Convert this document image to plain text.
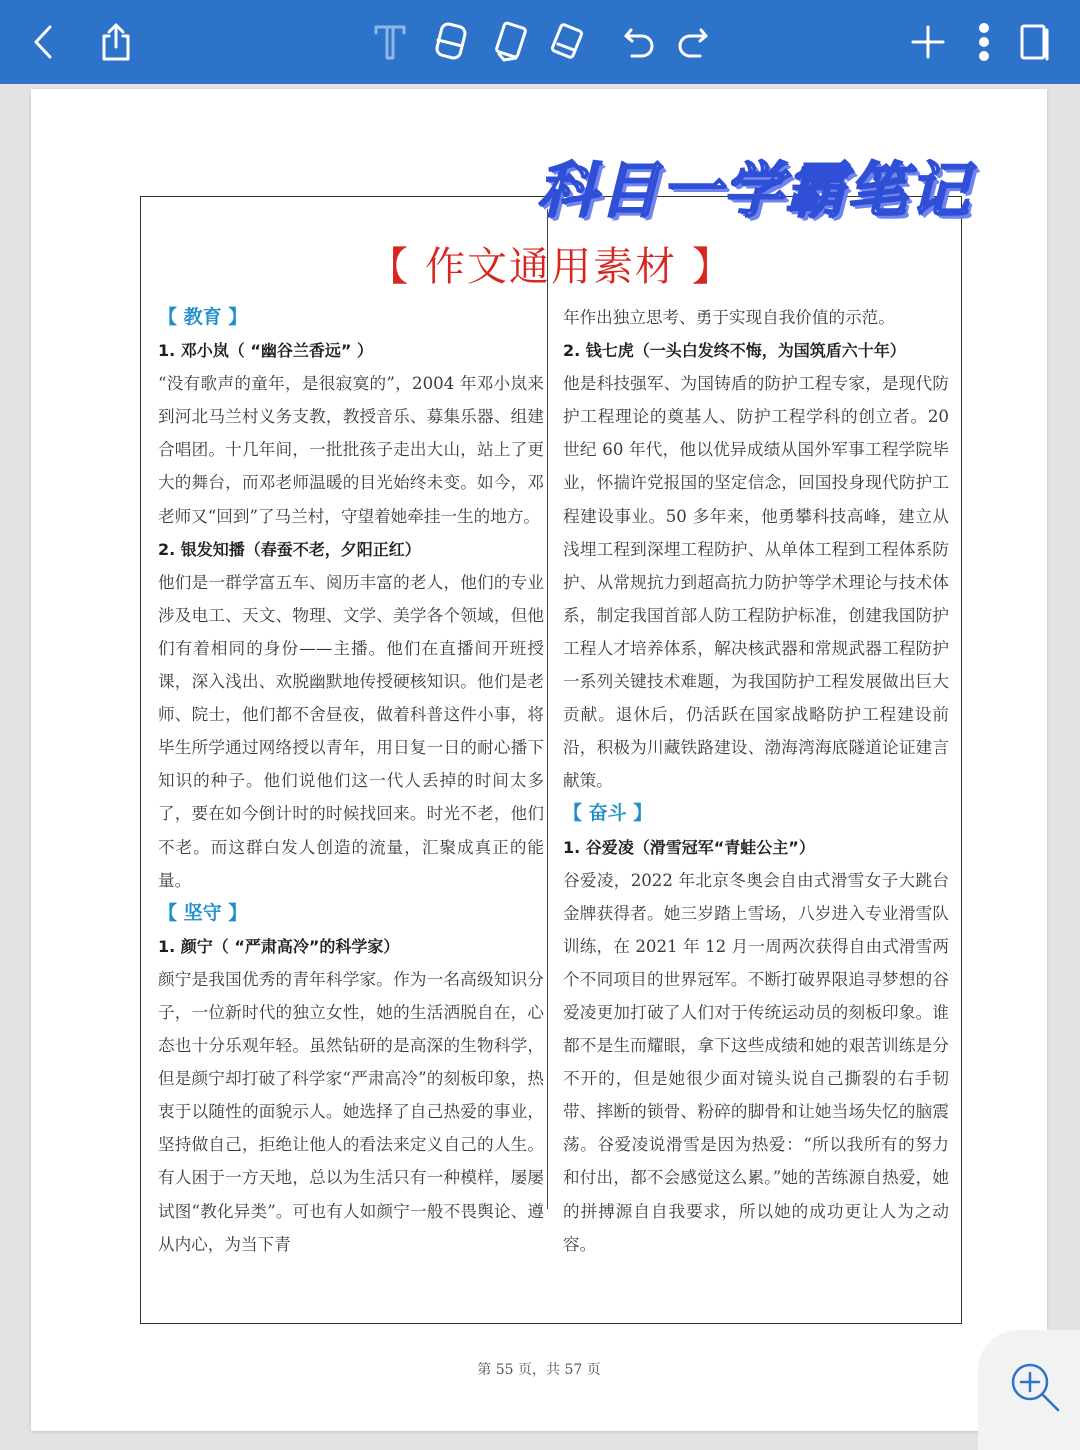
科目一学霸笔记
【 作文通用素材 】

【 教育 】

1. 邓小岚（ “幽谷兰香远” ）

“没有歌声的童年，是很寂寞的”，2004 年邓小岚来到河北马兰村义务支教，教授音乐、募集乐器、组建合唱团。十几年间，一批批孩子走出大山，站上了更大的舞台，而邓老师温暖的目光始终未变。如今，邓老师又“回到”了马兰村，守望着她牵挂一生的地方。

2. 银发知播（春蚕不老，夕阳正红）

他们是一群学富五车、阅历丰富的老人，他们的专业涉及电工、天文、物理、文学、美学各个领域，但他们有着相同的身份——主播。他们在直播间开班授课，深入浅出、欢脱幽默地传授硬核知识。他们是老师、院士，他们都不舍昼夜，做着科普这件小事，将毕生所学通过网络授以青年，用日复一日的耐心播下知识的种子。他们说他们这一代人丢掉的时间太多了，要在如今倒计时的时候找回来。时光不老，他们不老。而这群白发人创造的流量，汇聚成真正的能量。

【 坚守 】

1. 颜宁（ “严肃高冷”的科学家）

颜宁是我国优秀的青年科学家。作为一名高级知识分子，一位新时代的独立女性，她的生活洒脱自在，心态也十分乐观年轻。虽然钻研的是高深的生物科学，但是颜宁却打破了科学家“严肃高冷”的刻板印象，热衷于以随性的面貌示人。她选择了自己热爱的事业，坚持做自己，拒绝让他人的看法来定义自己的人生。有人困于一方天地，总以为生活只有一种模样，屡屡试图“教化异类”。可也有人如颜宁一般不畏舆论、遵从内心，为当下青

年作出独立思考、勇于实现自我价值的示范。

2. 钱七虎（一头白发终不悔，为国筑盾六十年）

他是科技强军、为国铸盾的防护工程专家，是现代防护工程理论的奠基人、防护工程学科的创立者。20 世纪 60 年代，他以优异成绩从国外军事工程学院毕业，怀揣许党报国的坚定信念，回国投身现代防护工程建设事业。50 多年来，他勇攀科技高峰，建立从浅埋工程到深埋工程防护、从单体工程到工程体系防护、从常规抗力到超高抗力防护等学术理论与技术体系，制定我国首部人防工程防护标准，创建我国防护工程人才培养体系，解决核武器和常规武器工程防护一系列关键技术难题，为我国防护工程发展做出巨大贡献。退休后，仍活跃在国家战略防护工程建设前沿，积极为川藏铁路建设、渤海湾海底隧道论证建言献策。

【 奋斗 】

1. 谷爱凌（滑雪冠军“青蛙公主”）

谷爱凌，2022 年北京冬奥会自由式滑雪女子大跳台金牌获得者。她三岁踏上雪场，八岁进入专业滑雪队训练，在 2021 年 12 月一周两次获得自由式滑雪两个不同项目的世界冠军。不断打破界限追寻梦想的谷爱凌更加打破了人们对于传统运动员的刻板印象。谁都不是生而耀眼，拿下这些成绩和她的艰苦训练是分不开的，但是她很少面对镜头说自己撕裂的右手韧带、摔断的锁骨、粉碎的脚骨和让她当场失忆的脑震荡。谷爱凌说滑雪是因为热爱：“所以我所有的努力和付出，都不会感觉这么累。”她的苦练源自热爱，她的拼搏源自自我要求，所以她的成功更让人为之动容。

第 55 页，共 57 页
